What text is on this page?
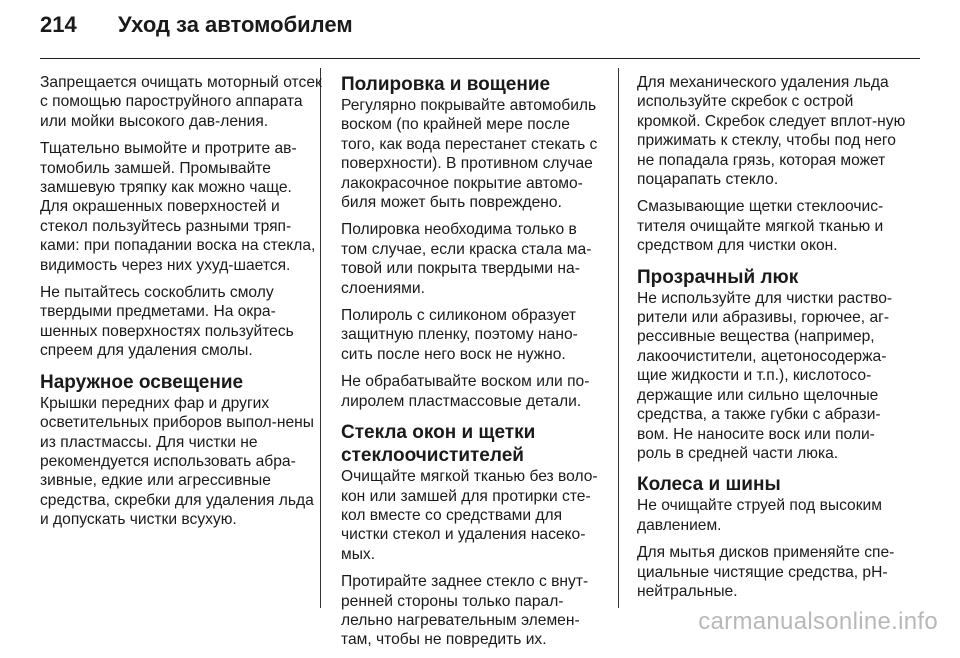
214	Уход за автомобилем

Запрещается очищать моторный отсек с помощью пароструйного аппарата или мойки высокого дав-ления.

Тщательно вымойте и протрите ав-томобиль замшей. Промывайте замшевую тряпку как можно чаще. Для окрашенных поверхностей и стекол пользуйтесь разными тряп-ками: при попадании воска на стекла, видимость через них ухуд-шается.

Не пытайтесь соскоблить смолу твердыми предметами. На окра-шенных поверхностях пользуйтесь спреем для удаления смолы.

Наружное освещение

Крышки передних фар и других осветительных приборов выпол-нены из пластмассы. Для чистки не рекомендуется использовать абра-зивные, едкие или агрессивные средства, скребки для удаления льда и допускать чистки всухую.

Полировка и вощение

Регулярно покрывайте автомобиль воском (по крайней мере после того, как вода перестанет стекать с поверхности). В противном случае лакокрасочное покрытие автомо-биля может быть повреждено.

Полировка необходима только в том случае, если краска стала ма-товой или покрыта твердыми на-слоениями.

Полироль с силиконом образует защитную пленку, поэтому нано-сить после него воск не нужно.

Не обрабатывайте воском или по-лиролем пластмассовые детали.

Стекла окон и щетки стеклоочистителей

Очищайте мягкой тканью без воло-кон или замшей для протирки сте-кол вместе со средствами для чистки стекол и удаления насеко-мых.

Протирайте заднее стекло с внут-ренней стороны только парал-лельно нагревательным элемен-там, чтобы не повредить их.

Для механического удаления льда используйте скребок с острой кромкой. Скребок следует вплот-ную прижимать к стеклу, чтобы под него не попадала грязь, которая может поцарапать стекло.

Смазывающие щетки стеклоочис-тителя очищайте мягкой тканью и средством для чистки окон.

Прозрачный люк

Не используйте для чистки раство-рители или абразивы, горючее, аг-рессивные вещества (например, лакоочистители, ацетоносодержа-щие жидкости и т.п.), кислотосо-держащие или сильно щелочные средства, а также губки с абрази-вом. Не наносите воск или поли-роль в средней части люка.

Колеса и шины

Не очищайте струей под высоким давлением.

Для мытья дисков применяйте спе-циальные чистящие средства, pH-нейтральные.

carmanualsonline.info
